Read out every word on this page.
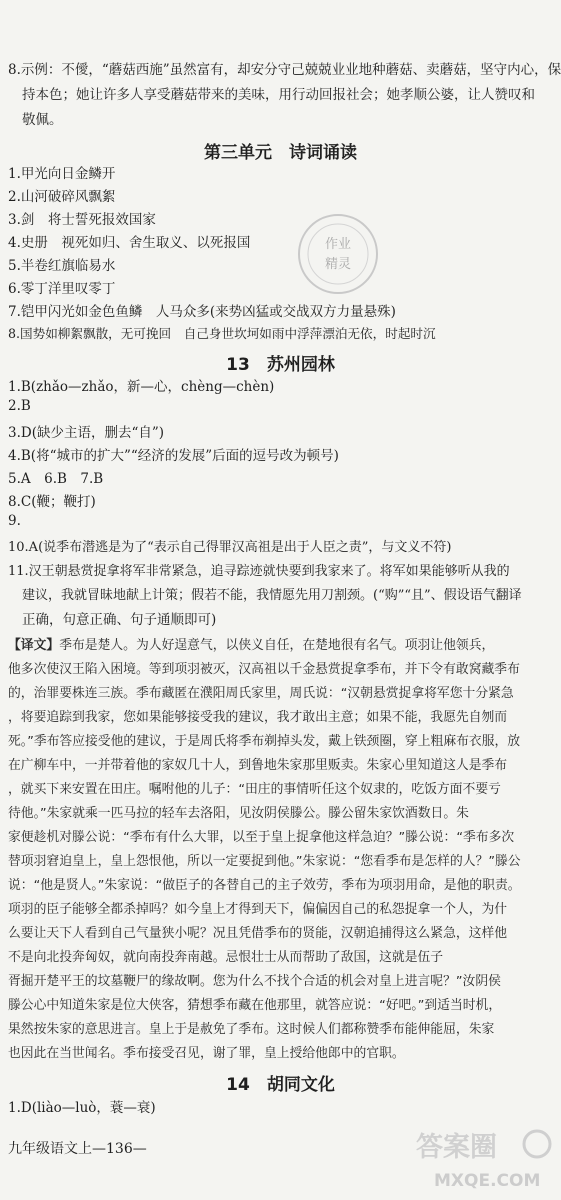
8.示例：不僾，“蘑菇西施”虽然富有，却安分守己兢兢业业地种蘑菇、卖蘑菇，坚守内心，保
持本色；她让许多人享受蘑菇带来的美味，用行动回报社会；她孝顺公婆，让人赞叹和
敬佩。
第三单元　诗词诵读
1.甲光向日金鳞开
2.山河破碎风飘絮
3.剑　将士誓死报效国家
4.史册　视死如归、舍生取义、以死报国
5.半卷红旗临易水
6.零丁洋里叹零丁
7.铠甲闪光如金色鱼鳞　人马众多(来势凶猛或交战双方力量悬殊)
8.国势如柳絮飘散，无可挽回　自己身世坎坷如雨中浮萍漂泊无依，时起时沉
13　苏州园林
1.B(zhǎo—zhǎo，新—心，chèng—chèn)
2.B
3.D(缺少主语，删去“自”)
4.B(将“城市的扩大”“经济的发展”后面的逗号改为顿号)
5.A　6.B　7.B
8.C(鞭；鞭打)
9.
10.A(说季布潜逃是为了“表示自己得罪汉高祖是出于人臣之责”，与文义不符)
11.汉王朝悬赏捉拿将军非常紧急，追寻踪迹就快要到我家来了。将军如果能够听从我的
建议，我就冒昧地献上计策；假若不能，我情愿先用刀割颈。(“购”“且”、假设语气翻译
正确，句意正确、句子通顺即可)
【译文】季布是楚人。为人好逞意气，以侠义自任，在楚地很有名气。项羽让他领兵，
他多次使汉王陷入困境。等到项羽被灭，汉高祖以千金悬赏捉拿季布，并下令有敢窝藏季布
的，治罪要株连三族。季布藏匿在濮阳周氏家里，周氏说：“汉朝悬赏捉拿将军您十分紧急
，将要追踪到我家，您如果能够接受我的建议，我才敢出主意；如果不能，我愿先自刎而
死。”季布答应接受他的建议，于是周氏将季布剃掉头发，戴上铁颈圈，穿上粗麻布衣服，放
在广柳车中，一并带着他的家奴几十人，到鲁地朱家那里贩卖。朱家心里知道这人是季布
，就买下来安置在田庄。嘱咐他的儿子：“田庄的事情听任这个奴隶的，吃饭方面不要亏
待他。”朱家就乘一匹马拉的轻车去洛阳，见汝阴侯滕公。滕公留朱家饮酒数日。朱
家便趁机对滕公说：“季布有什么大罪，以至于皇上捉拿他这样急迫？”滕公说：“季布多次
替项羽窘迫皇上，皇上怨恨他，所以一定要捉到他。”朱家说：“您看季布是怎样的人？”滕公
说：“他是贤人。”朱家说：“做臣子的各替自己的主子效劳，季布为项羽用命，是他的职责。
项羽的臣子能够全都杀掉吗？如今皇上才得到天下，偏偏因自己的私怨捉拿一个人，为什
么要让天下人看到自己气量狭小呢？况且凭借季布的贤能，汉朝追捕得这么紧急，这样他
不是向北投奔匈奴，就向南投奔南越。忌恨壮士从而帮助了敌国，这就是伍子
胥掘开楚平王的坟墓鞭尸的缘故啊。您为什么不找个合适的机会对皇上进言呢？”汝阴侯
滕公心中知道朱家是位大侠客，猜想季布藏在他那里，就答应说：“好吧。”到适当时机，
果然按朱家的意思进言。皇上于是赦免了季布。这时候人们都称赞季布能伸能屈，朱家
也因此在当世闻名。季布接受召见，谢了罪，皇上授给他郎中的官职。
14　胡同文化
1.D(liào—luò，蓑—衰)
九年级语文上—136—
作业
精灵
答案圈
MXQE.COM
